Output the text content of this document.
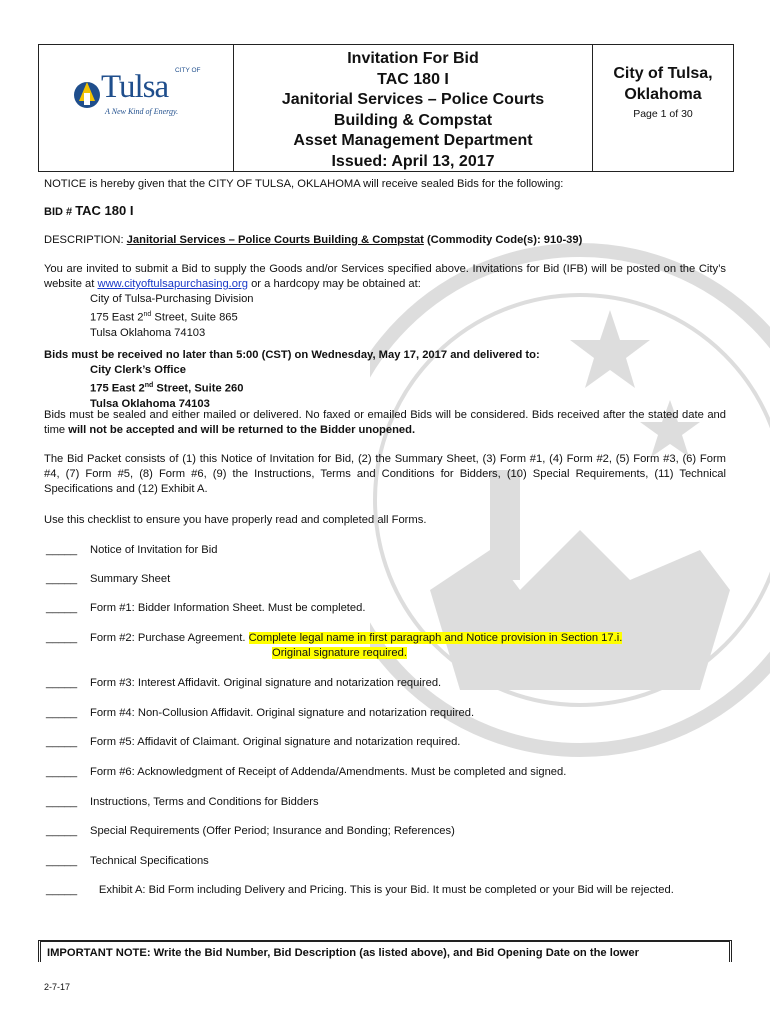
CITY OF
Tulsa
A New Kind of Energy.
Invitation For Bid
TAC 180 I
Janitorial Services – Police Courts
Building & Compstat
Asset Management Department
Issued: April 13, 2017
City of Tulsa,
Oklahoma
Page 1 of 30
NOTICE is hereby given that the CITY OF TULSA, OKLAHOMA will receive sealed Bids for the following:
BID # TAC 180 I
DESCRIPTION: Janitorial Services – Police Courts Building & Compstat (Commodity Code(s): 910-39)
You are invited to submit a Bid to supply the Goods and/or Services specified above. Invitations for Bid (IFB) will be posted on the City’s website at www.cityoftulsapurchasing.org or a hardcopy may be obtained at:
City of Tulsa-Purchasing Division
175 East 2nd Street, Suite 865
Tulsa Oklahoma 74103
Bids must be received no later than 5:00 (CST) on Wednesday, May 17, 2017 and delivered to:
City Clerk’s Office
175 East 2nd Street, Suite 260
Tulsa Oklahoma 74103
Bids must be sealed and either mailed or delivered. No faxed or emailed Bids will be considered. Bids received after the stated date and time will not be accepted and will be returned to the Bidder unopened.
The Bid Packet consists of (1) this Notice of Invitation for Bid, (2) the Summary Sheet, (3) Form #1, (4) Form #2, (5) Form #3, (6) Form #4, (7) Form #5, (8) Form #6, (9) the Instructions, Terms and Conditions for Bidders, (10) Special Requirements, (11) Technical Specifications and (12) Exhibit A.
Use this checklist to ensure you have properly read and completed all Forms.
_____ Notice of Invitation for Bid
_____ Summary Sheet
_____ Form #1: Bidder Information Sheet. Must be completed.
_____ Form #2: Purchase Agreement. Complete legal name in first paragraph and Notice provision in Section 17.i.
Original signature required.
_____ Form #3: Interest Affidavit. Original signature and notarization required.
_____ Form #4: Non-Collusion Affidavit. Original signature and notarization required.
_____ Form #5: Affidavit of Claimant. Original signature and notarization required.
_____ Form #6: Acknowledgment of Receipt of Addenda/Amendments. Must be completed and signed.
_____ Instructions, Terms and Conditions for Bidders
_____ Special Requirements (Offer Period; Insurance and Bonding; References)
_____ Technical Specifications
_____ Exhibit A: Bid Form including Delivery and Pricing. This is your Bid. It must be completed or your Bid will be rejected.
IMPORTANT NOTE: Write the Bid Number, Bid Description (as listed above), and Bid Opening Date on the lower
2-7-17
